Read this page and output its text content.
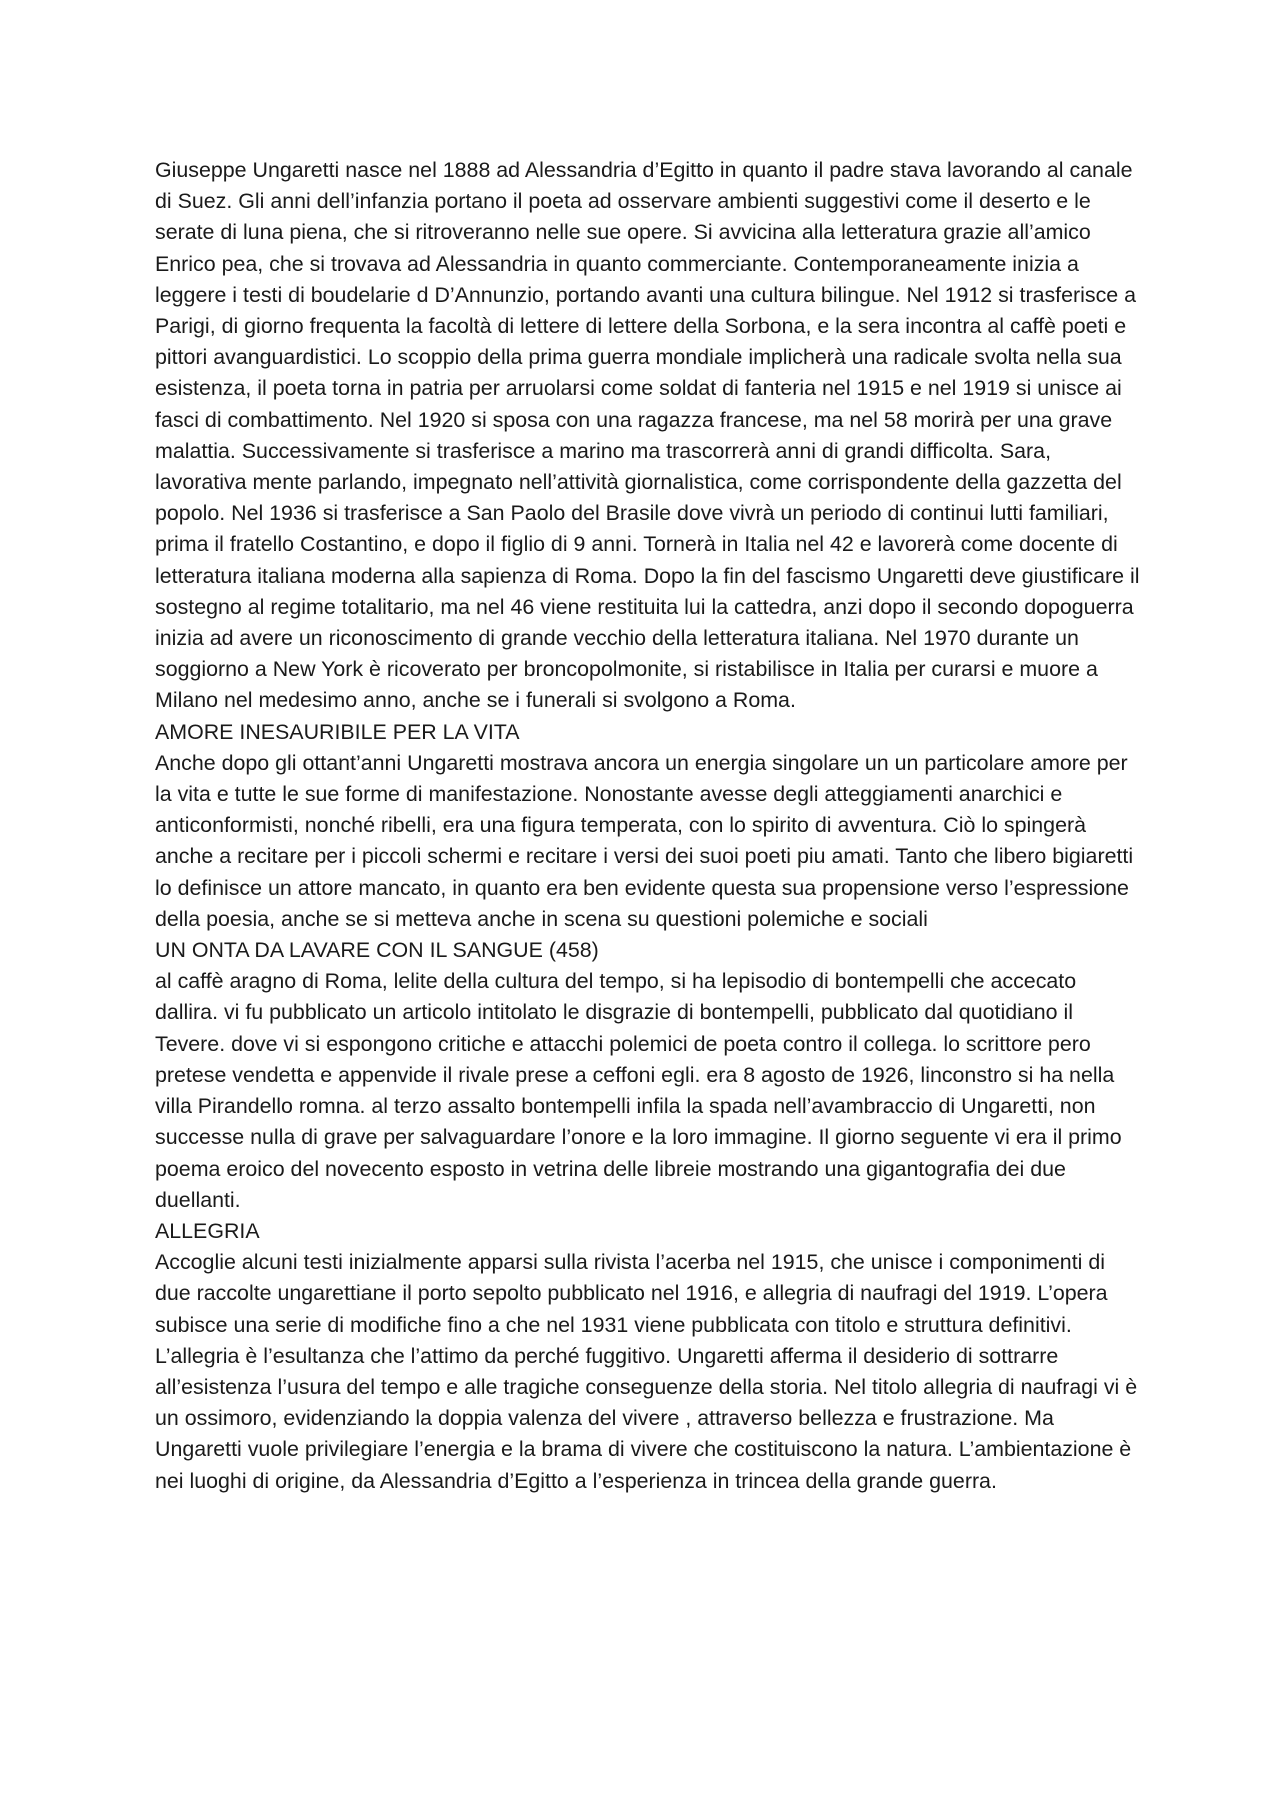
Giuseppe Ungaretti nasce nel 1888 ad Alessandria d’Egitto in quanto il padre stava lavorando al canale di Suez. Gli anni dell’infanzia portano il poeta ad osservare ambienti suggestivi come il deserto e le serate di luna piena, che si ritroveranno nelle sue opere. Si avvicina alla letteratura grazie all’amico Enrico pea, che si trovava ad Alessandria in quanto commerciante. Contemporaneamente inizia a leggere i testi di boudelarie d D’Annunzio, portando avanti una cultura bilingue. Nel 1912 si trasferisce a Parigi, di giorno frequenta la facoltà di lettere di lettere della Sorbona, e la sera incontra al caffè poeti e pittori avanguardistici. Lo scoppio della prima guerra mondiale implicherà una radicale svolta nella sua esistenza, il poeta torna in patria per arruolarsi come soldat di fanteria nel 1915 e nel 1919 si unisce ai fasci di combattimento. Nel 1920 si sposa con una ragazza francese, ma nel 58 morirà per una grave malattia. Successivamente si trasferisce a marino ma trascorrerà anni di grandi difficolta. Sara, lavorativa mente parlando, impegnato nell’attività giornalistica, come corrispondente della gazzetta del popolo. Nel 1936 si trasferisce a San Paolo del Brasile dove vivrà un periodo di continui lutti familiari, prima il fratello Costantino, e dopo il figlio di 9 anni. Tornerà in Italia nel 42 e lavorerà come docente di letteratura italiana moderna alla sapienza di Roma. Dopo la fin del fascismo Ungaretti deve giustificare il sostegno al regime totalitario, ma nel 46 viene restituita lui la cattedra, anzi dopo il secondo dopoguerra inizia ad avere un riconoscimento di grande vecchio della letteratura italiana. Nel 1970 durante un soggiorno a New York è ricoverato per broncopolmonite, si ristabilisce in Italia per curarsi e muore a Milano nel medesimo anno, anche se i funerali si svolgono a Roma.

AMORE INESAURIBILE PER LA VITA

Anche dopo gli ottant’anni Ungaretti mostrava ancora un energia singolare un un particolare amore per la vita e tutte le sue forme di manifestazione. Nonostante avesse degli atteggiamenti anarchici e anticonformisti, nonché ribelli, era una figura temperata, con lo spirito di avventura. Ciò lo spingerà anche a recitare per i piccoli schermi e recitare i versi dei suoi poeti piu amati. Tanto che libero bigiaretti lo definisce un attore mancato, in quanto era ben evidente questa sua propensione verso l’espressione della poesia, anche se si metteva anche in scena su questioni polemiche e sociali

UN ONTA DA LAVARE CON IL SANGUE (458)

al caffè aragno di Roma, lelite della cultura del tempo, si ha lepisodio di bontempelli che accecato dallira. vi fu pubblicato un articolo intitolato le disgrazie di bontempelli, pubblicato dal quotidiano il Tevere. dove vi si espongono critiche e attacchi polemici de poeta contro il collega. lo scrittore pero pretese vendetta e appenvide il rivale prese a ceffoni egli. era 8 agosto de 1926, linconstro si ha nella villa Pirandello romna. al terzo assalto bontempelli infila la spada nell’avambraccio di Ungaretti, non successe nulla di grave per salvaguardare l’onore e la loro immagine. Il giorno seguente vi era il primo poema eroico del novecento esposto in vetrina delle libreie mostrando una gigantografia dei due duellanti.

ALLEGRIA

Accoglie alcuni testi inizialmente apparsi sulla rivista l’acerba nel 1915, che unisce i componimenti di due raccolte ungarettiane il porto sepolto pubblicato nel 1916, e allegria di naufragi del 1919. L’opera subisce una serie di modifiche fino a che nel 1931 viene pubblicata con titolo e struttura definitivi. L’allegria è l’esultanza che l’attimo da perché fuggitivo. Ungaretti afferma il desiderio di sottrarre all’esistenza l’usura del tempo e alle tragiche conseguenze della storia. Nel titolo allegria di naufragi vi è un ossimoro, evidenziando la doppia valenza del vivere , attraverso bellezza e frustrazione. Ma Ungaretti vuole privilegiare l’energia e la brama di vivere che costituiscono la natura. L’ambientazione è nei luoghi di origine, da Alessandria d’Egitto a l’esperienza in trincea della grande guerra.
